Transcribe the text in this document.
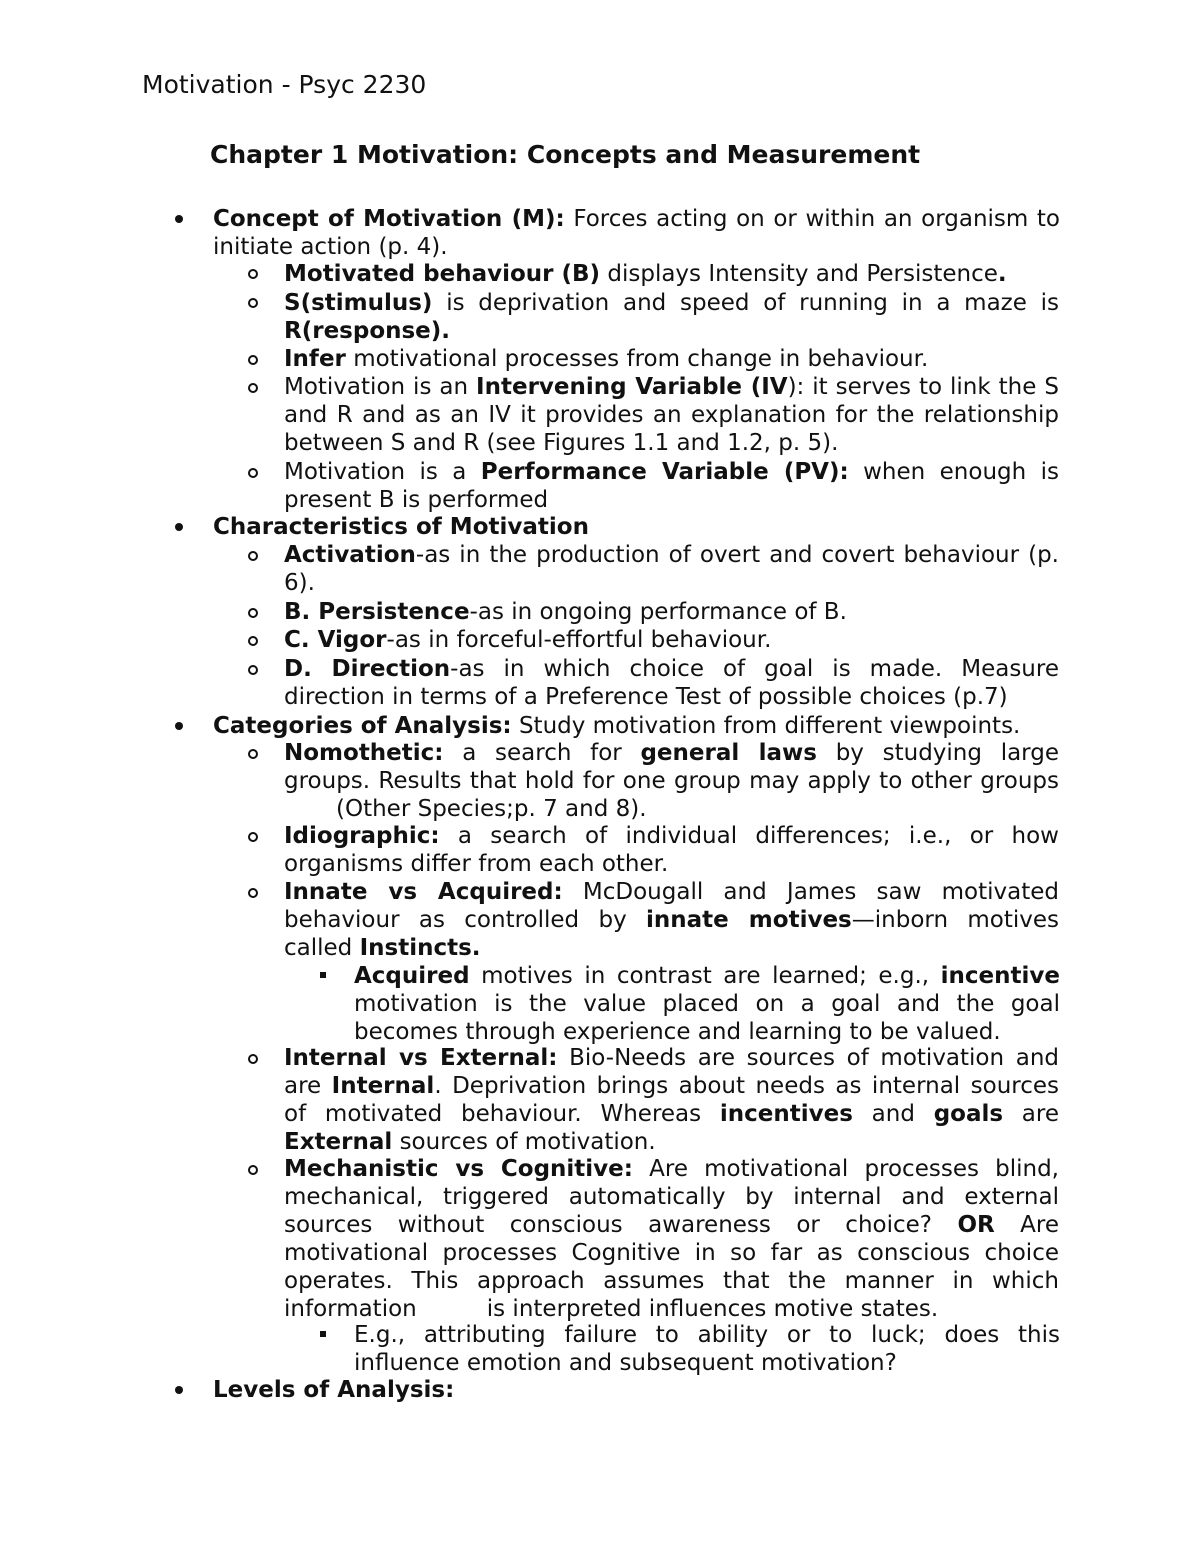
Motivation - Psyc 2230
Chapter 1 Motivation: Concepts and Measurement
Concept of Motivation (M): Forces acting on or within an organism to initiate action (p. 4).
Motivated behaviour (B) displays Intensity and Persistence.
S(stimulus) is deprivation and speed of running in a maze is R(response).
Infer motivational processes from change in behaviour.
Motivation is an Intervening Variable (IV): it serves to link the S and R and as an IV it provides an explanation for the relationship between S and R (see Figures 1.1 and 1.2, p. 5).
Motivation is a Performance Variable (PV): when enough is present B is performed
Characteristics of Motivation
Activation-as in the production of overt and covert behaviour (p. 6).
B. Persistence-as in ongoing performance of B.
C. Vigor-as in forceful-effortful behaviour.
D. Direction-as in which choice of goal is made. Measure direction in terms of a Preference Test of possible choices (p.7)
Categories of Analysis: Study motivation from different viewpoints.
Nomothetic: a search for general laws by studying large groups. Results that hold for one group may apply to other groups(Other Species;p. 7 and 8).
Idiographic: a search of individual differences; i.e., or how organisms differ from each other.
Innate vs Acquired: McDougall and James saw motivated behaviour as controlled by innate motives—inborn motives called Instincts.
Acquired motives in contrast are learned; e.g., incentive motivation is the value placed on a goal and the goal becomes through experience and learning to be valued.
Internal vs External: Bio-Needs are sources of motivation and are Internal. Deprivation brings about needs as internal sources of motivated behaviour. Whereas incentives and goals are External sources of motivation.
Mechanistic vs Cognitive: Are motivational processes blind, mechanical, triggered automatically by internal and external sources without conscious awareness or choice? OR Are motivational processes Cognitive in so far as conscious choice operates. This approach assumes that the manner in which information	is interpreted influences motive states.
E.g., attributing failure to ability or to luck; does this influence emotion and subsequent motivation?
Levels of Analysis:
